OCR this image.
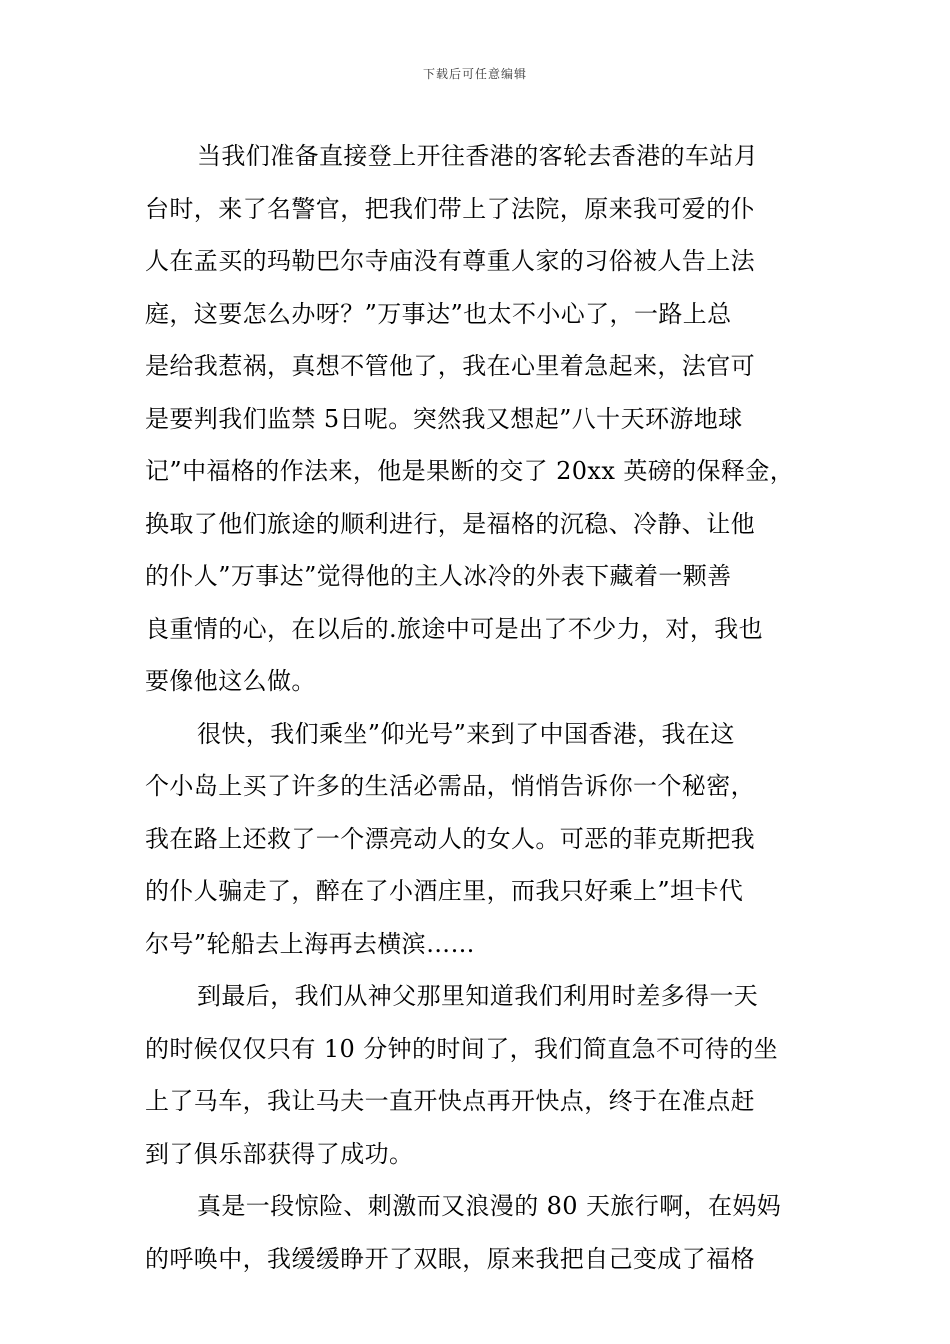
下载后可任意编辑
当我们准备直接登上开往香港的客轮去香港的车站月
台时，来了名警官，把我们带上了法院，原来我可爱的仆
人在孟买的玛勒巴尔寺庙没有尊重人家的习俗被人告上法
庭，这要怎么办呀？”万事达”也太不小心了，一路上总
是给我惹祸，真想不管他了，我在心里着急起来，法官可
是要判我们监禁 5日呢。突然我又想起”八十天环游地球
记”中福格的作法来，他是果断的交了 20xx 英磅的保释金，
换取了他们旅途的顺利进行，是福格的沉稳、冷静、让他
的仆人”万事达”觉得他的主人冰冷的外表下藏着一颗善
良重情的心，在以后的.旅途中可是出了不少力，对，我也
要像他这么做。
很快，我们乘坐”仰光号”来到了中国香港，我在这
个小岛上买了许多的生活必需品，悄悄告诉你一个秘密，
我在路上还救了一个漂亮动人的女人。可恶的菲克斯把我
的仆人骗走了，醉在了小酒庄里，而我只好乘上”坦卡代
尔号”轮船去上海再去横滨……
到最后，我们从神父那里知道我们利用时差多得一天
的时候仅仅只有 10 分钟的时间了，我们简直急不可待的坐
上了马车，我让马夫一直开快点再开快点，终于在准点赶
到了俱乐部获得了成功。
真是一段惊险、刺激而又浪漫的 80 天旅行啊，在妈妈
的呼唤中，我缓缓睁开了双眼，原来我把自己变成了福格
